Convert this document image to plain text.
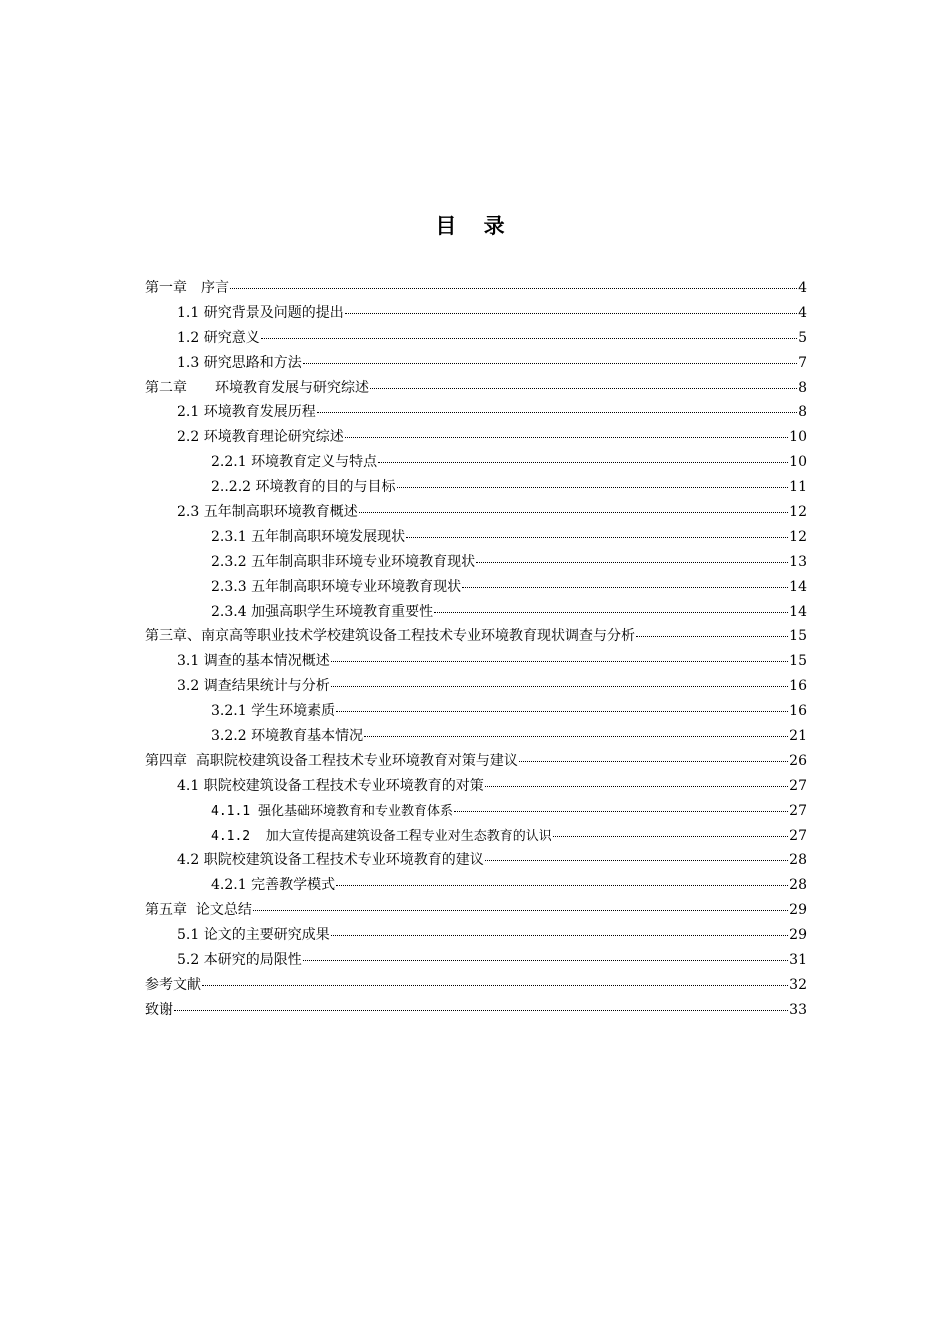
目 录
第一章　序言	4
1.1 研究背景及问题的提出	4
1.2 研究意义	5
1.3 研究思路和方法	7
第二章　　环境教育发展与研究综述	8
2.1 环境教育发展历程	8
2.2 环境教育理论研究综述	10
2.2.1 环境教育定义与特点	10
2..2.2 环境教育的目的与目标	11
2.3 五年制高职环境教育概述	12
2.3.1 五年制高职环境发展现状	12
2.3.2 五年制高职非环境专业环境教育现状	13
2.3.3 五年制高职环境专业环境教育现状	14
2.3.4 加强高职学生环境教育重要性	14
第三章、南京高等职业技术学校建筑设备工程技术专业环境教育现状调查与分析	15
3.1 调查的基本情况概述	15
3.2 调查结果统计与分析	16
3.2.1 学生环境素质	16
3.2.2 环境教育基本情况	21
第四章  高职院校建筑设备工程技术专业环境教育对策与建议	26
4.1 职院校建筑设备工程技术专业环境教育的对策	27
4.1.1 强化基础环境教育和专业教育体系	27
4.1.2  加大宣传提高建筑设备工程专业对生态教育的认识	27
4.2 职院校建筑设备工程技术专业环境教育的建议	28
4.2.1 完善教学模式	28
第五章  论文总结	29
5.1 论文的主要研究成果	29
5.2 本研究的局限性	31
参考文献	32
致谢	33
